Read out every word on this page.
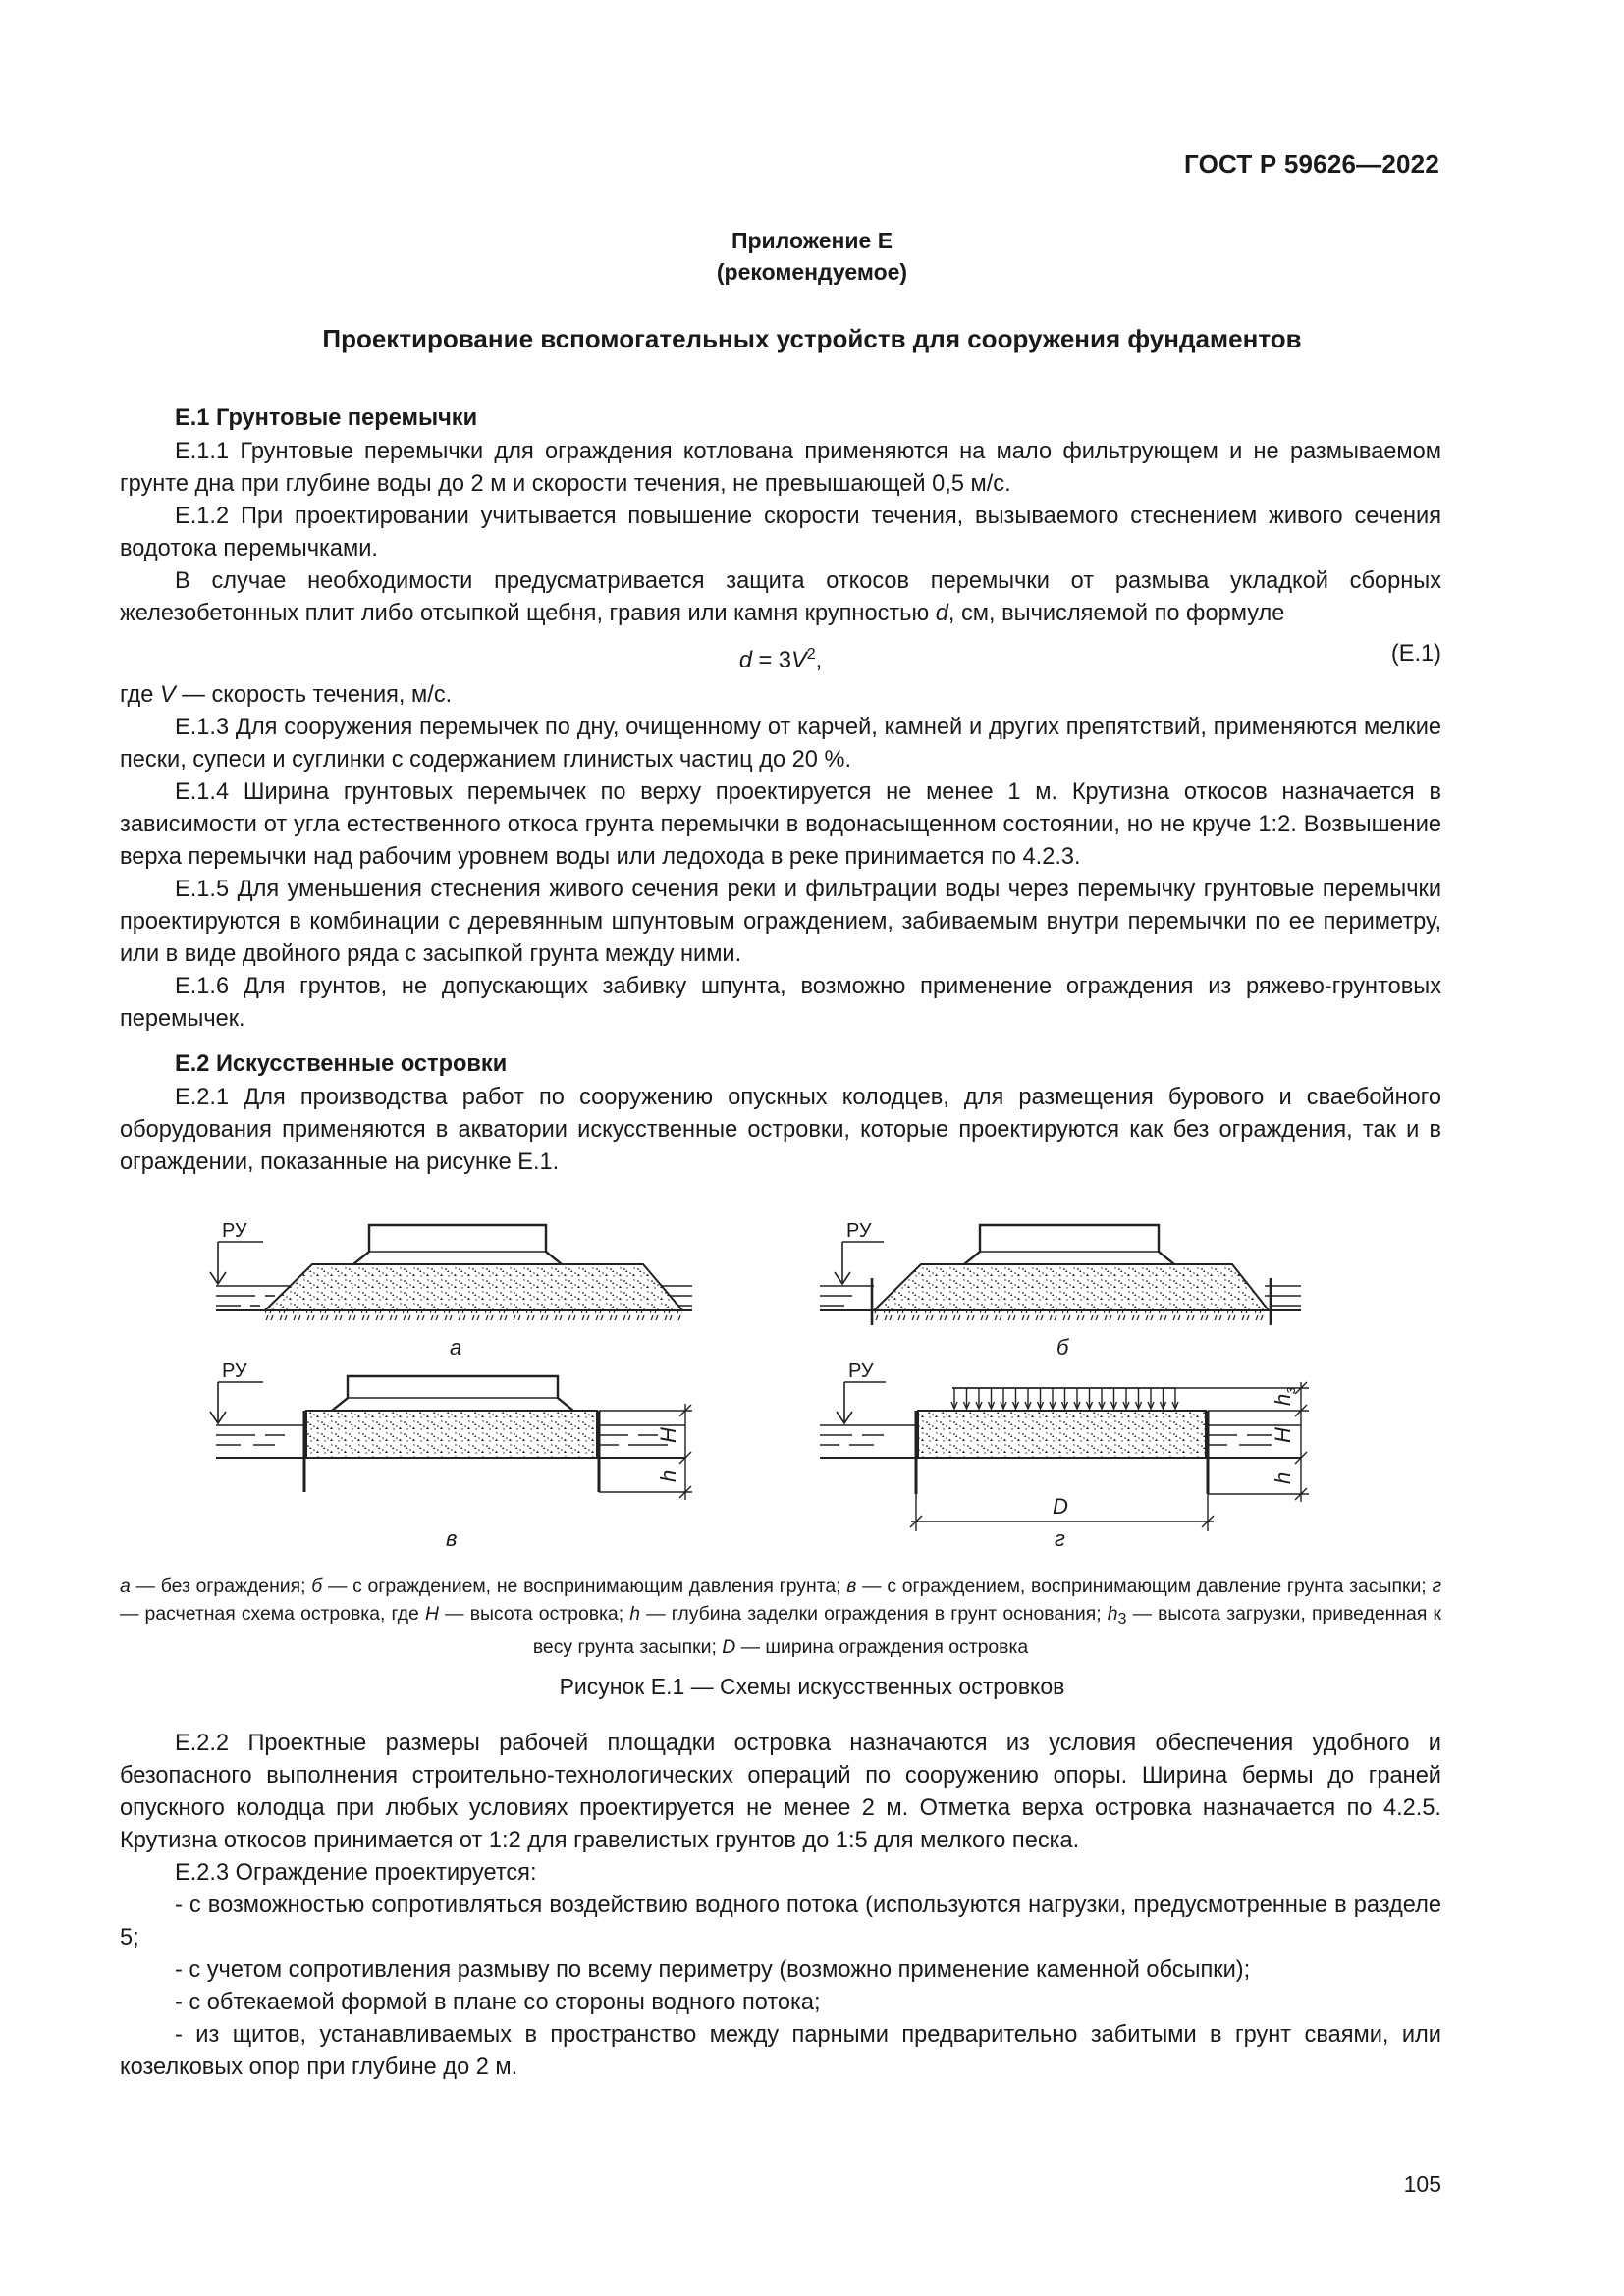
ГОСТ Р 59626—2022
Приложение Е
(рекомендуемое)
Проектирование вспомогательных устройств для сооружения фундаментов
Е.1 Грунтовые перемычки

Е.1.1 Грунтовые перемычки для ограждения котлована применяются на мало фильтрующем и не размываемом грунте дна при глубине воды до 2 м и скорости течения, не превышающей 0,5 м/с.

Е.1.2 При проектировании учитывается повышение скорости течения, вызываемого стеснением живого сечения водотока перемычками.

В случае необходимости предусматривается защита откосов перемычки от размыва укладкой сборных железобетонных плит либо отсыпкой щебня, гравия или камня крупностью d, см, вычисляемой по формуле

$d = 3V^2$,	(Е.1)

где V — скорость течения, м/с.

Е.1.3 Для сооружения перемычек по дну, очищенному от карчей, камней и других препятствий, применяются мелкие пески, супеси и суглинки с содержанием глинистых частиц до 20 %.

Е.1.4 Ширина грунтовых перемычек по верху проектируется не менее 1 м. Крутизна откосов назначается в зависимости от угла естественного откоса грунта перемычки в водонасыщенном состоянии, но не круче 1:2. Возвышение верха перемычки над рабочим уровнем воды или ледохода в реке принимается по 4.2.3.

Е.1.5 Для уменьшения стеснения живого сечения реки и фильтрации воды через перемычку грунтовые перемычки проектируются в комбинации с деревянным шпунтовым ограждением, забиваемым внутри перемычки по ее периметру, или в виде двойного ряда с засыпкой грунта между ними.

Е.1.6 Для грунтов, не допускающих забивку шпунта, возможно применение ограждения из ряжево-грунтовых перемычек.

Е.2 Искусственные островки

Е.2.1 Для производства работ по сооружению опускных колодцев, для размещения бурового и сваебойного оборудования применяются в акватории искусственные островки, которые проектируются как без ограждения, так и в ограждении, показанные на рисунке Е.1.

РУ
а
РУ
б
H
h
РУ
в
$h_з$
H
h
D
РУ
г
а — без ограждения; б — с ограждением, не воспринимающим давления грунта; в — с ограждением, воспринимающим давление грунта засыпки; г — расчетная схема островка, где H — высота островка; h — глубина заделки ограждения в грунт основания; $h_3$ — высота загрузки, приведенная к весу грунта засыпки; D — ширина ограждения островка
Рисунок Е.1 — Схемы искусственных островков

Е.2.2 Проектные размеры рабочей площадки островка назначаются из условия обеспечения удобного и безопасного выполнения строительно-технологических операций по сооружению опоры. Ширина бермы до граней опускного колодца при любых условиях проектируется не менее 2 м. Отметка верха островка назначается по 4.2.5. Крутизна откосов принимается от 1:2 для гравелистых грунтов до 1:5 для мелкого песка.

Е.2.3 Ограждение проектируется:

- с возможностью сопротивляться воздействию водного потока (используются нагрузки, предусмотренные в разделе 5;

- с учетом сопротивления размыву по всему периметру (возможно применение каменной обсыпки);

- с обтекаемой формой в плане со стороны водного потока;

- из щитов, устанавливаемых в пространство между парными предварительно забитыми в грунт сваями, или козелковых опор при глубине до 2 м.

105
